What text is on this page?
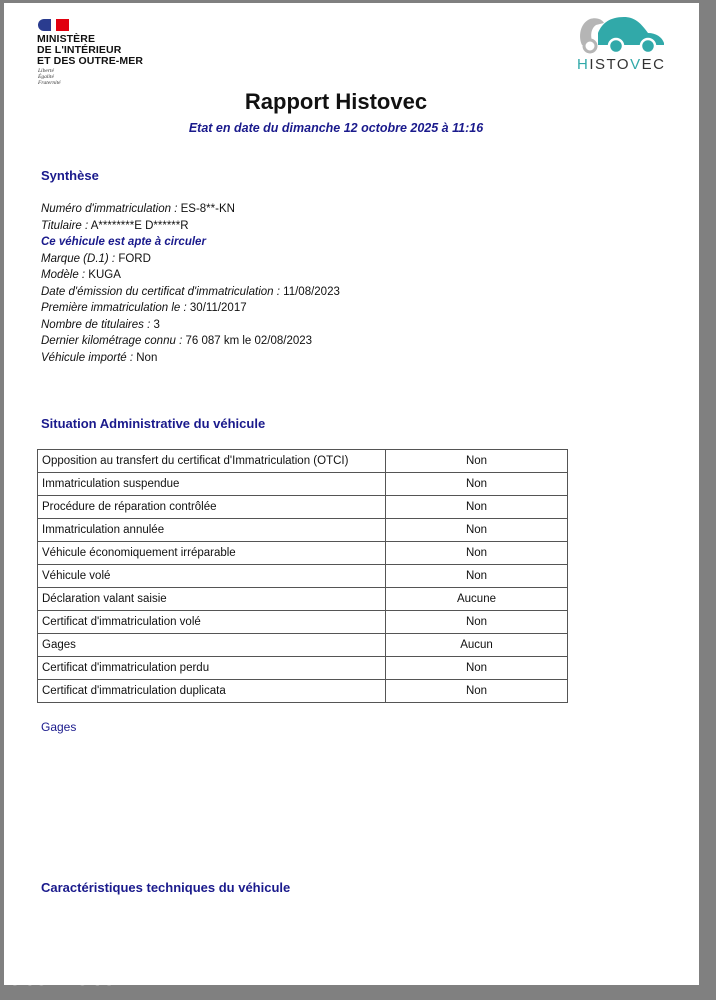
MINISTÈRE
DE L'INTÉRIEUR
ET DES OUTRE-MER
Liberté
Égalité
Fraternité
HISTOVEC
Rapport Histovec
Etat en date du dimanche 12 octobre 2025 à 11:16
Synthèse
Numéro d'immatriculation : ES-8**-KN
Titulaire : A********E D******R
Ce véhicule est apte à circuler
Marque (D.1) : FORD
Modèle : KUGA
Date d'émission du certificat d'immatriculation : 11/08/2023
Première immatriculation le : 30/11/2017
Nombre de titulaires : 3
Dernier kilométrage connu : 76 087 km le 02/08/2023
Véhicule importé : Non
Situation Administrative du véhicule
Opposition au transfert du certificat d'Immatriculation (OTCI)	Non
Immatriculation suspendue	Non
Procédure de réparation contrôlée	Non
Immatriculation annulée	Non
Véhicule économiquement irréparable	Non
Véhicule volé	Non
Déclaration valant saisie	Aucune
Certificat d'immatriculation volé	Non
Gages	Aucun
Certificat d'immatriculation perdu	Non
Certificat d'immatriculation duplicata	Non
Gages
Caractéristiques techniques du véhicule
otomoto
